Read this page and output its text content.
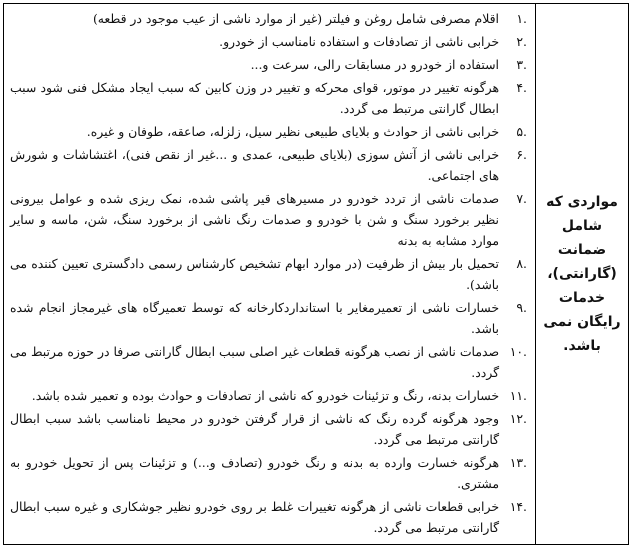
مواردی که شامل ضمانت (گارانتی)، خدمات رایگان نمی باشد.

۱.
اقلام مصرفی شامل روغن و فیلتر (غیر از موارد ناشی از عیب موجود در قطعه)
۲.
خرابی ناشی از تصادفات و استفاده نامناسب از خودرو.
۳.
استفاده از خودرو در مسابقات رالی، سرعت و...
۴.
هرگونه تغییر در موتور، قوای محرکه و تغییر در وزن کابین که سبب ایجاد مشکل فنی شود سبب ابطال گارانتی مرتبط می گردد.
۵.
خرابی ناشی از حوادث و بلایای طبیعی نظیر سیل، زلزله، صاعقه، طوفان و غیره.
۶.
خرابی ناشی از آتش سوزی (بلایای طبیعی، عمدی و ...غیر از نقص فنی)، اغتشاشات و شورش های اجتماعی.
۷.
صدمات ناشی از تردد خودرو در مسیرهای قیر پاشی شده، نمک ریزی شده و عوامل بیرونی نظیر برخورد سنگ و شن با خودرو و صدمات رنگ ناشی از برخورد سنگ، شن، ماسه و سایر موارد مشابه به بدنه
۸.
تحمیل بار بیش از ظرفیت (در موارد ابهام تشخیص کارشناس رسمی دادگستری تعیین کننده می باشد).
۹.
خسارات ناشی از تعمیرمغایر با استانداردکارخانه که توسط تعمیرگاه های غیرمجاز انجام شده باشد.
۱۰.
صدمات ناشی از نصب هرگونه قطعات غیر اصلی سبب ابطال گارانتی صرفا در حوزه مرتبط می گردد.
۱۱.
خسارات بدنه، رنگ و تزئینات خودرو که ناشی از تصادفات و حوادث بوده و تعمیر شده باشد.
۱۲.
وجود هرگونه گرده رنگ که ناشی از قرار گرفتن خودرو در محیط نامناسب باشد سبب ابطال گارانتی مرتبط می گردد.
۱۳.
هرگونه خسارت وارده به بدنه و رنگ خودرو (تصادف و...) و تزئینات پس از تحویل خودرو به مشتری.
۱۴.
خرابی قطعات ناشی از هرگونه تغییرات غلط بر روی خودرو نظیر جوشکاری و غیره سبب ابطال گارانتی مرتبط می گردد.
